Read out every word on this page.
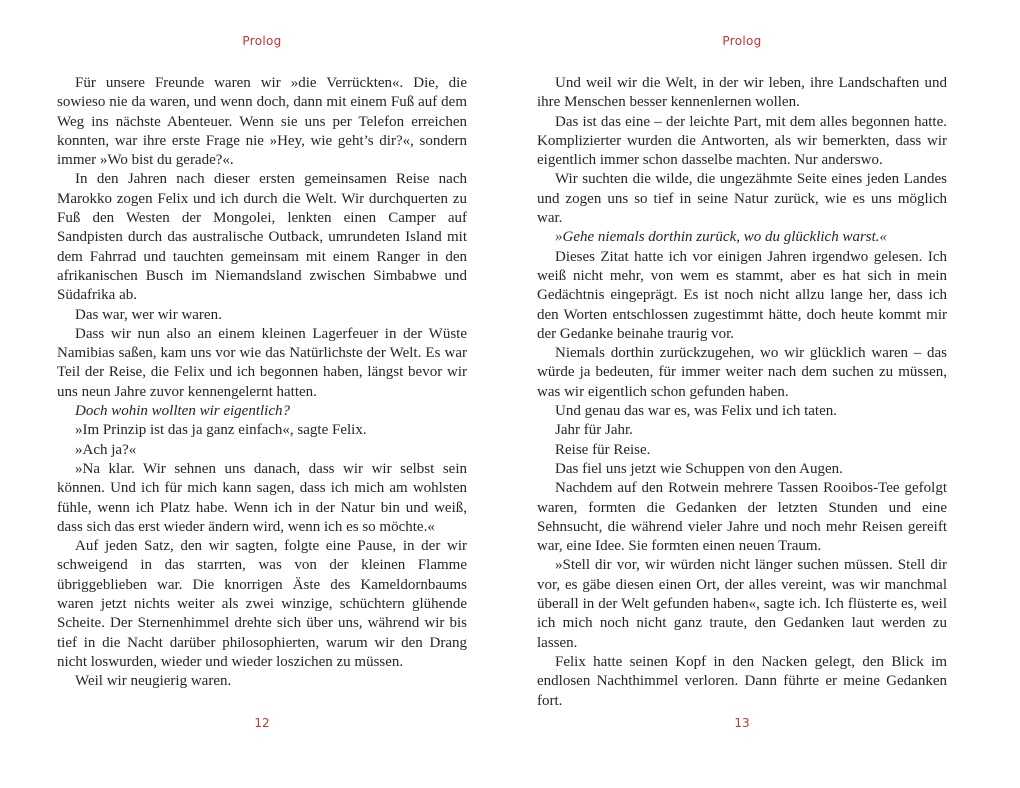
Prolog

Für unsere Freunde waren wir »die Verrückten«. Die, die sowieso nie da waren, und wenn doch, dann mit einem Fuß auf dem Weg ins nächste Abenteuer. Wenn sie uns per Telefon erreichen konnten, war ihre erste Frage nie »Hey, wie geht’s dir?«, sondern immer »Wo bist du gerade?«.

In den Jahren nach dieser ersten gemeinsamen Reise nach Marokko zogen Felix und ich durch die Welt. Wir durchquerten zu Fuß den Westen der Mongolei, lenkten einen Camper auf Sandpisten durch das australische Outback, umrundeten Island mit dem Fahrrad und tauchten gemeinsam mit einem Ranger in den afrikanischen Busch im Niemandsland zwischen Simbabwe und Südafrika ab.

Das war, wer wir waren.

Dass wir nun also an einem kleinen Lagerfeuer in der Wüste Namibias saßen, kam uns vor wie das Natürlichste der Welt. Es war Teil der Reise, die Felix und ich begonnen haben, längst bevor wir uns neun Jahre zuvor kennengelernt hatten.

Doch wohin wollten wir eigentlich?

»Im Prinzip ist das ja ganz einfach«, sagte Felix.

»Ach ja?«

»Na klar. Wir sehnen uns danach, dass wir wir selbst sein können. Und ich für mich kann sagen, dass ich mich am wohlsten fühle, wenn ich Platz habe. Wenn ich in der Natur bin und weiß, dass sich das erst wieder ändern wird, wenn ich es so möchte.«

Auf jeden Satz, den wir sagten, folgte eine Pause, in der wir schweigend in das starrten, was von der kleinen Flamme übriggeblieben war. Die knorrigen Äste des Kameldornbaums waren jetzt nichts weiter als zwei winzige, schüchtern glühende Scheite. Der Sternenhimmel drehte sich über uns, während wir bis tief in die Nacht darüber philosophierten, warum wir den Drang nicht loswurden, wieder und wieder loszichen zu müssen.

Weil wir neugierig waren.

12
Prolog

Und weil wir die Welt, in der wir leben, ihre Landschaften und ihre Menschen besser kennenlernen wollen.

Das ist das eine – der leichte Part, mit dem alles begonnen hatte. Komplizierter wurden die Antworten, als wir bemerkten, dass wir eigentlich immer schon dasselbe machten. Nur anderswo.

Wir suchten die wilde, die ungezähmte Seite eines jeden Landes und zogen uns so tief in seine Natur zurück, wie es uns möglich war.

»Gehe niemals dorthin zurück, wo du glücklich warst.«

Dieses Zitat hatte ich vor einigen Jahren irgendwo gelesen. Ich weiß nicht mehr, von wem es stammt, aber es hat sich in mein Gedächtnis eingeprägt. Es ist noch nicht allzu lange her, dass ich den Worten entschlossen zugestimmt hätte, doch heute kommt mir der Gedanke beinahe traurig vor.

Niemals dorthin zurückzugehen, wo wir glücklich waren – das würde ja bedeuten, für immer weiter nach dem suchen zu müssen, was wir eigentlich schon gefunden haben.

Und genau das war es, was Felix und ich taten.

Jahr für Jahr.

Reise für Reise.

Das fiel uns jetzt wie Schuppen von den Augen.

Nachdem auf den Rotwein mehrere Tassen Rooibos-Tee gefolgt waren, formten die Gedanken der letzten Stunden und eine Sehnsucht, die während vieler Jahre und noch mehr Reisen gereift war, eine Idee. Sie formten einen neuen Traum.

»Stell dir vor, wir würden nicht länger suchen müssen. Stell dir vor, es gäbe diesen einen Ort, der alles vereint, was wir manchmal überall in der Welt gefunden haben«, sagte ich. Ich flüsterte es, weil ich mich noch nicht ganz traute, den Gedanken laut werden zu lassen.

Felix hatte seinen Kopf in den Nacken gelegt, den Blick im endlosen Nachthimmel verloren. Dann führte er meine Gedanken fort.

13
